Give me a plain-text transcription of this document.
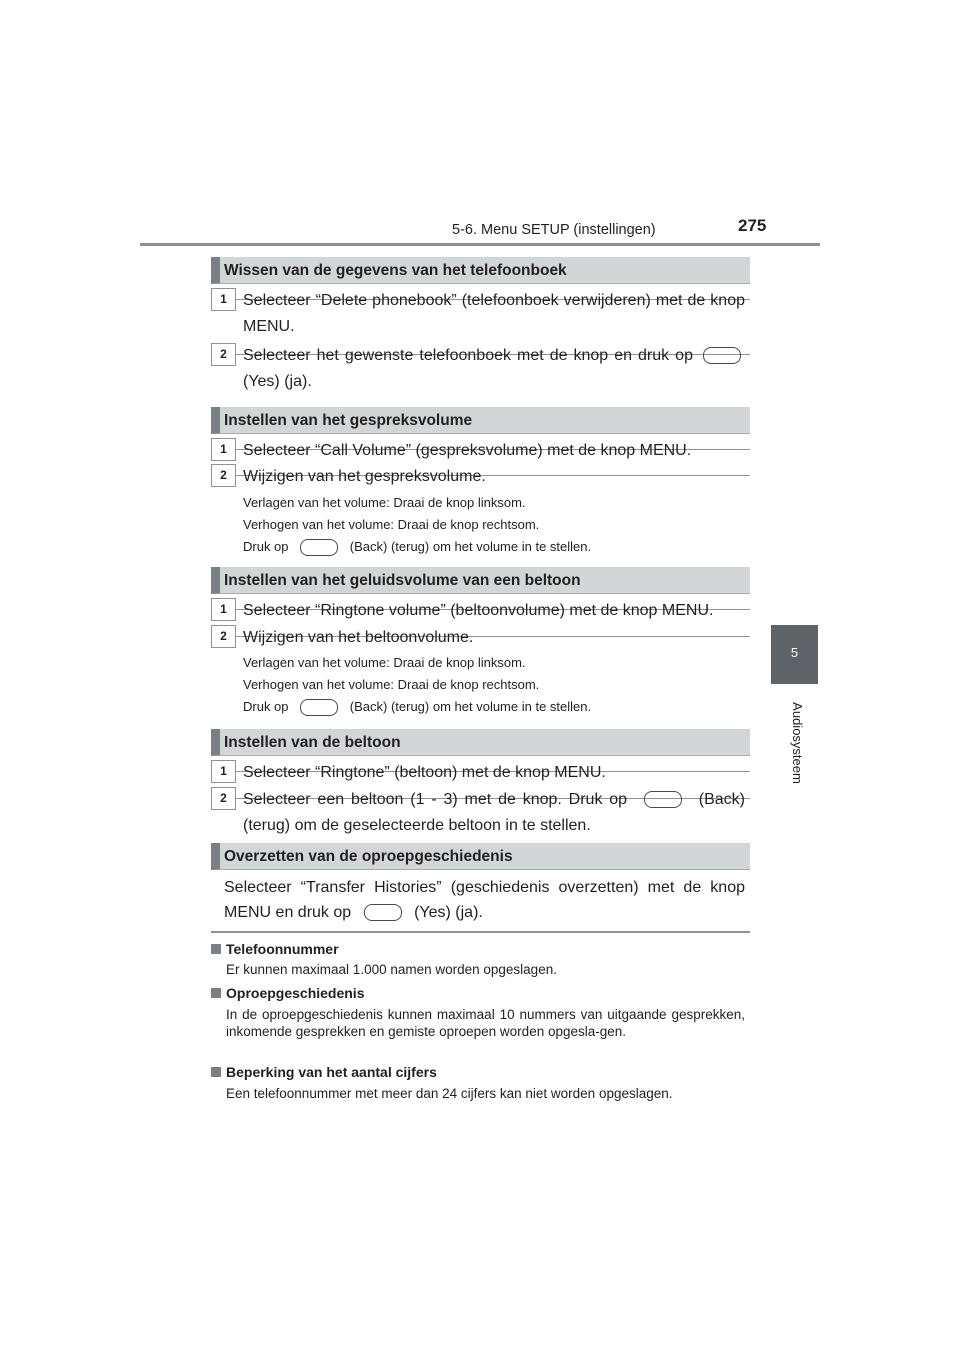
5-6. Menu SETUP (instellingen)	275
5
Audiosysteem
Wissen van de gegevens van het telefoonboek
1	Selecteer “Delete phonebook” (telefoonboek verwijderen) met de knop MENU.
2	Selecteer het gewenste telefoonboek met de knop en druk op (Yes) (ja).
Instellen van het gespreksvolume
1	Selecteer “Call Volume” (gespreksvolume) met de knop MENU.
2	Wijzigen van het gespreksvolume.
Verlagen van het volume: Draai de knop linksom.
Verhogen van het volume: Draai de knop rechtsom.
Druk op	(Back) (terug) om het volume in te stellen.
Instellen van het geluidsvolume van een beltoon
1	Selecteer “Ringtone volume” (beltoonvolume) met de knop MENU.
2	Wijzigen van het beltoonvolume.
Verlagen van het volume: Draai de knop linksom.
Verhogen van het volume: Draai de knop rechtsom.
Druk op	(Back) (terug) om het volume in te stellen.
Instellen van de beltoon
1	Selecteer “Ringtone” (beltoon) met de knop MENU.
2	Selecteer een beltoon (1 - 3) met de knop. Druk op	(Back) (terug) om de geselecteerde beltoon in te stellen.
Overzetten van de oproepgeschiedenis
Selecteer “Transfer Histories” (geschiedenis overzetten) met de knop MENU en druk op	(Yes) (ja).
Telefoonnummer
Er kunnen maximaal 1.000 namen worden opgeslagen.
Oproepgeschiedenis
In de oproepgeschiedenis kunnen maximaal 10 nummers van uitgaande gesprekken, inkomende gesprekken en gemiste oproepen worden opgesla-gen.
Beperking van het aantal cijfers
Een telefoonnummer met meer dan 24 cijfers kan niet worden opgeslagen.
